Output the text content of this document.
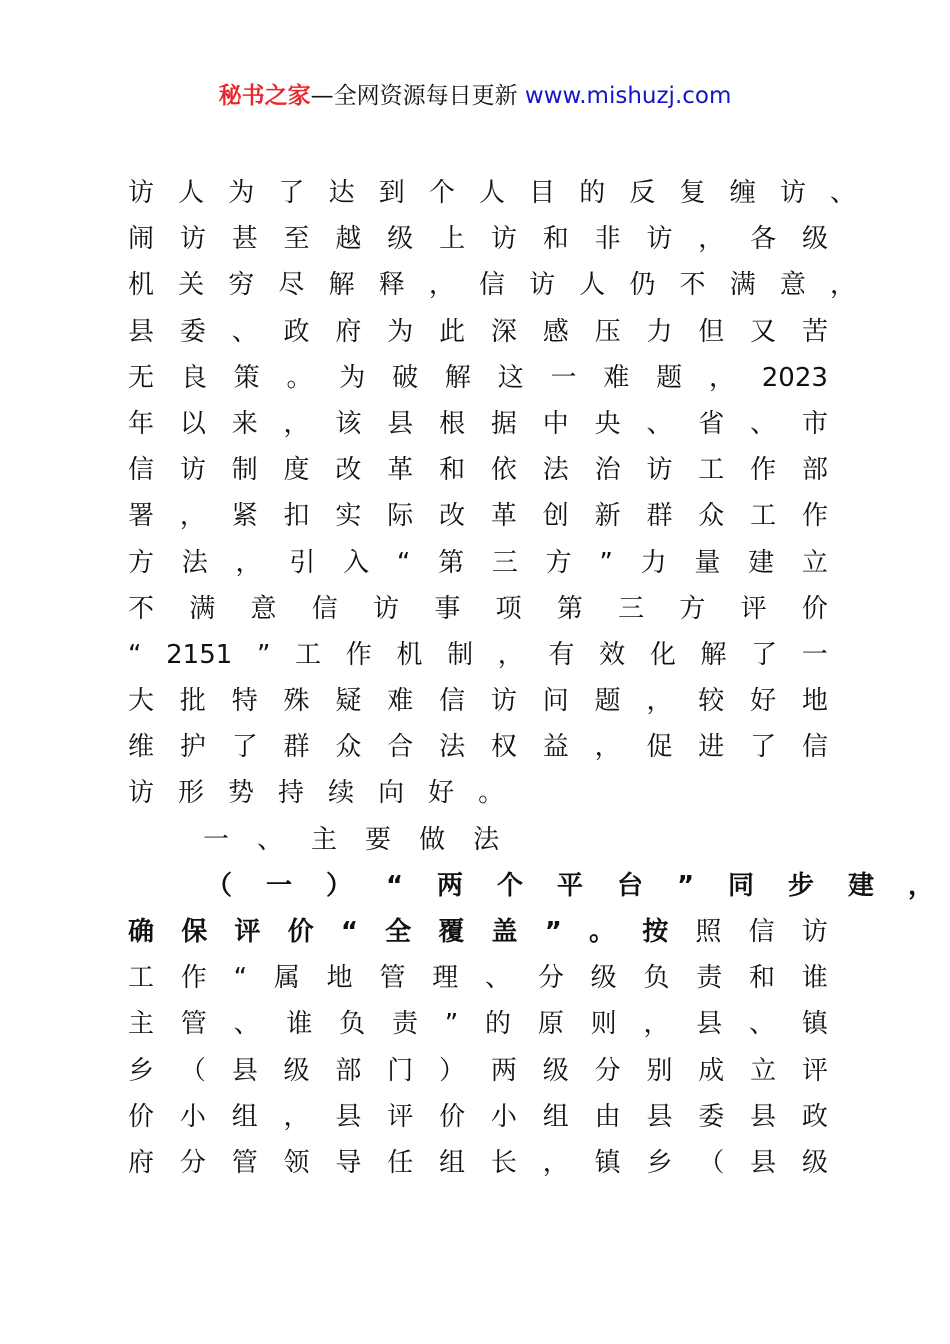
秘书之家—全网资源每日更新 www.mishuzj.com
访 人 为 了 达 到 个 人 目 的 反 复 缠 访 、
闹 访 甚 至 越 级 上 访 和 非 访 ， 各 级
机 关 穷 尽 解 释 ， 信 访 人 仍 不 满 意 ，
县 委 、 政 府 为 此 深 感 压 力 但 又 苦
无 良 策 。 为 破 解 这 一 难 题 ， 2023
年 以 来 ， 该 县 根 据 中 央 、 省 、 市
信 访 制 度 改 革 和 依 法 治 访 工 作 部
署 ， 紧 扣 实 际 改 革 创 新 群 众 工 作
方 法 ， 引 入 “ 第 三 方 ” 力 量 建 立
不 满 意 信 访 事 项 第 三 方 评 价
“ 2151 ” 工 作 机 制 ， 有 效 化 解 了 一
大 批 特 殊 疑 难 信 访 问 题 ， 较 好 地
维 护 了 群 众 合 法 权 益 ， 促 进 了 信
访 形 势 持 续 向 好 。
一 、 主 要 做 法
（ 一 ） “ 两 个 平 台 ” 同 步 建 ，
确 保 评 价 “ 全 覆 盖 ” 。 按 照 信 访
工 作 “ 属 地 管 理 、 分 级 负 责 和 谁
主 管 、 谁 负 责 ” 的 原 则 ， 县 、 镇
乡 （ 县 级 部 门 ） 两 级 分 别 成 立 评
价 小 组 ， 县 评 价 小 组 由 县 委 县 政
府 分 管 领 导 任 组 长 ， 镇 乡 （ 县 级
